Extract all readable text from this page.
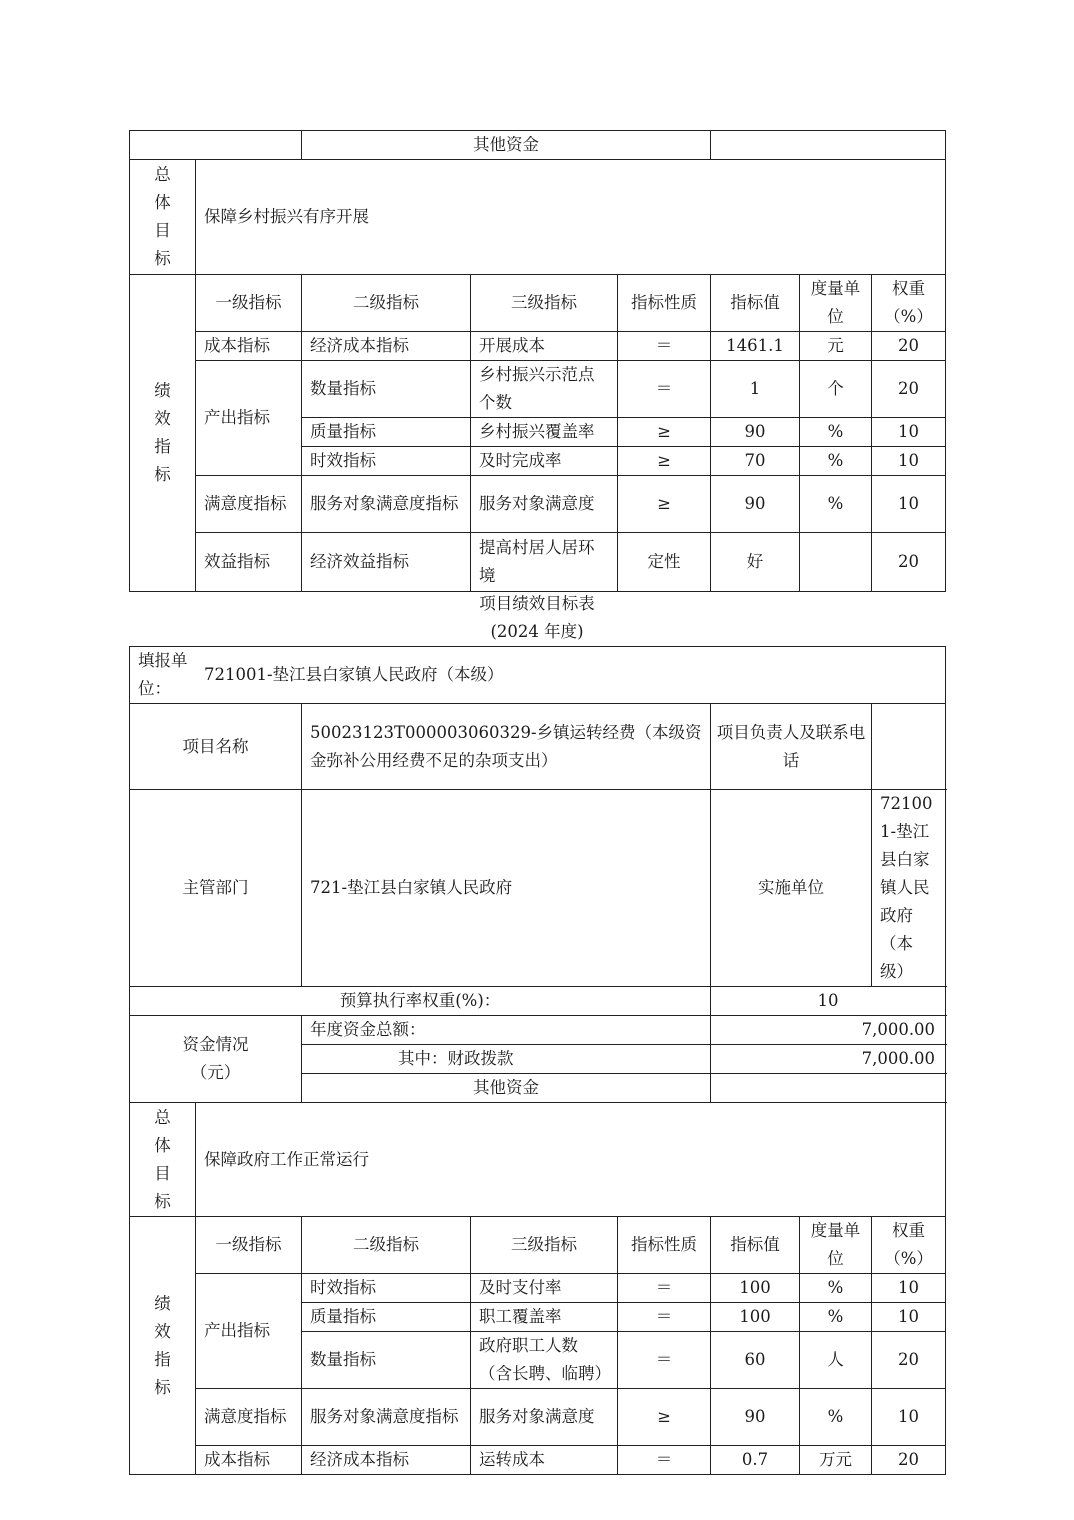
		其他资金					

总
体
目
标	保障乡村振兴有序开展						

绩
效
指
标	一级指标	二级指标	三级指标	指标性质	指标值	度量单位	权重（%）
	成本指标	经济成本指标	开展成本	＝	1461.1	元	20
	产出指标	数量指标	乡村振兴示范点个数	＝	1	个	20
		质量指标	乡村振兴覆盖率	≥	90	%	10
		时效指标	及时完成率	≥	70	%	10
	满意度指标	服务对象满意度指标	服务对象满意度	≥	90	%	10
	效益指标	经济效益指标	提高村居人居环境	定性	好		20
项目绩效目标表
(2024 年度)
填报单位：
721001-垫江县白家镇人民政府（本级）							

项目名称		50023123T000003060329-乡镇运转经费（本级资金弥补公用经费不足的杂项支出）			项目负责人及联系电话		
主管部门		721-垫江县白家镇人民政府			实施单位		721001-垫江县白家镇人民政府（本级）
预算执行率权重(%)：					10		

资金情况（元）		年度资金总额：			7,000.00		
		其中：财政拨款			7,000.00		
		其他资金					

总
体
目
标	保障政府工作正常运行						

绩
效
指
标	一级指标	二级指标	三级指标	指标性质	指标值	度量单位	权重（%）
	产出指标	时效指标	及时支付率	＝	100	%	10
		质量指标	职工覆盖率	＝	100	%	10
		数量指标	政府职工人数（含长聘、临聘）	＝	60	人	20
	满意度指标	服务对象满意度指标	服务对象满意度	≥	90	%	10
	成本指标	经济成本指标	运转成本	＝	0.7	万元	20
